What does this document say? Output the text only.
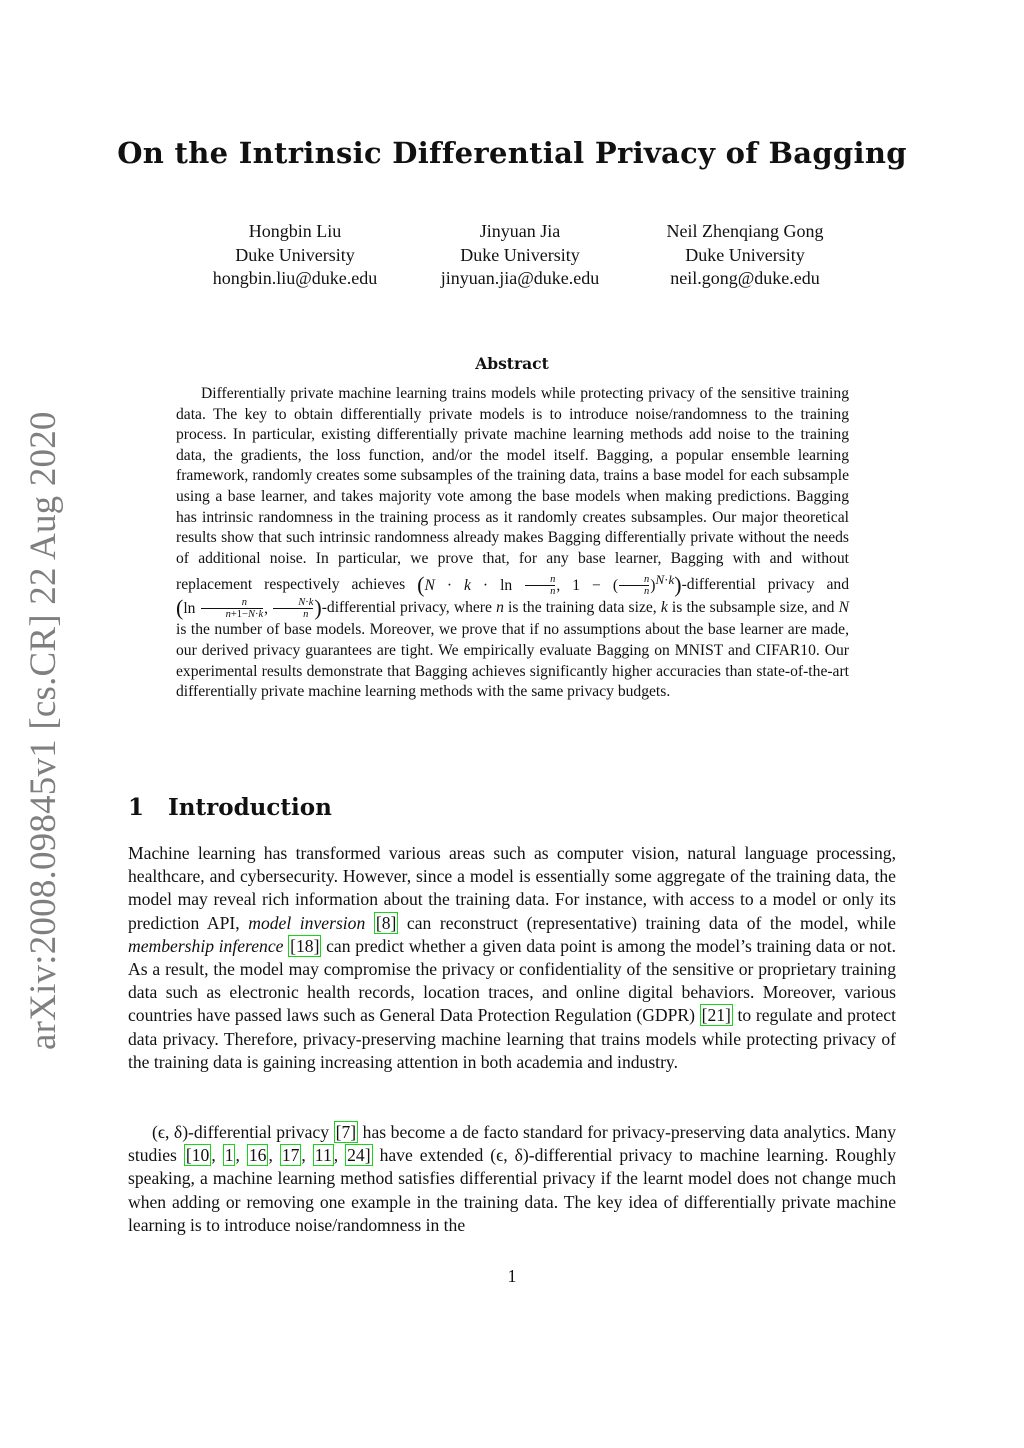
arXiv:2008.09845v1 [cs.CR] 22 Aug 2020
On the Intrinsic Differential Privacy of Bagging
Hongbin Liu
Duke University
hongbin.liu@duke.edu
Jinyuan Jia
Duke University
jinyuan.jia@duke.edu
Neil Zhenqiang Gong
Duke University
neil.gong@duke.edu
Abstract

Differentially private machine learning trains models while protecting privacy of the sensitive training data. The key to obtain differentially private models is to introduce noise/randomness to the training process. In particular, existing differentially private machine learning methods add noise to the training data, the gradients, the loss function, and/or the model itself. Bagging, a popular ensemble learning framework, randomly creates some subsamples of the training data, trains a base model for each subsample using a base learner, and takes majority vote among the base models when making predictions. Bagging has intrinsic randomness in the training process as it randomly creates subsamples. Our major theoretical results show that such intrinsic randomness already makes Bagging differentially private without the needs of additional noise. In particular, we prove that, for any base learner, Bagging with and without replacement respectively achieves ($N \cdot k \cdot \ln \frac{n}{n}$ , 1 − ( $\frac{n}{n}$ )$^{N\cdot k}$)-differential privacy and ($\ln \frac{n}{n+1-N\cdot k}$ , $\frac{N\cdot k}{n}$ )-differential privacy, where n is the training data size, k is the subsample size, and N is the number of base models. Moreover, we prove that if no assumptions about the base learner are made, our derived privacy guarantees are tight. We empirically evaluate Bagging on MNIST and CIFAR10. Our experimental results demonstrate that Bagging achieves significantly higher accuracies than state-of-the-art differentially private machine learning methods with the same privacy budgets.

1 Introduction

Machine learning has transformed various areas such as computer vision, natural language processing, healthcare, and cybersecurity. However, since a model is essentially some aggregate of the training data, the model may reveal rich information about the training data. For instance, with access to a model or only its prediction API, model inversion [8] can reconstruct (representative) training data of the model, while membership inference [18] can predict whether a given data point is among the model’s training data or not. As a result, the model may compromise the privacy or confidentiality of the sensitive or proprietary training data such as electronic health records, location traces, and online digital behaviors. Moreover, various countries have passed laws such as General Data Protection Regulation (GDPR) [21] to regulate and protect data privacy. Therefore, privacy-preserving machine learning that trains models while protecting privacy of the training data is gaining increasing attention in both academia and industry.

(ϵ, δ)-differential privacy [7] has become a de facto standard for privacy-preserving data analytics. Many studies [10 , 1 , 16 , 17 , 11 , 24] have extended (ϵ, δ)-differential privacy to machine learning. Roughly speaking, a machine learning method satisfies differential privacy if the learnt model does not change much when adding or removing one example in the training data. The key idea of differentially private machine learning is to introduce noise/randomness in the

1
